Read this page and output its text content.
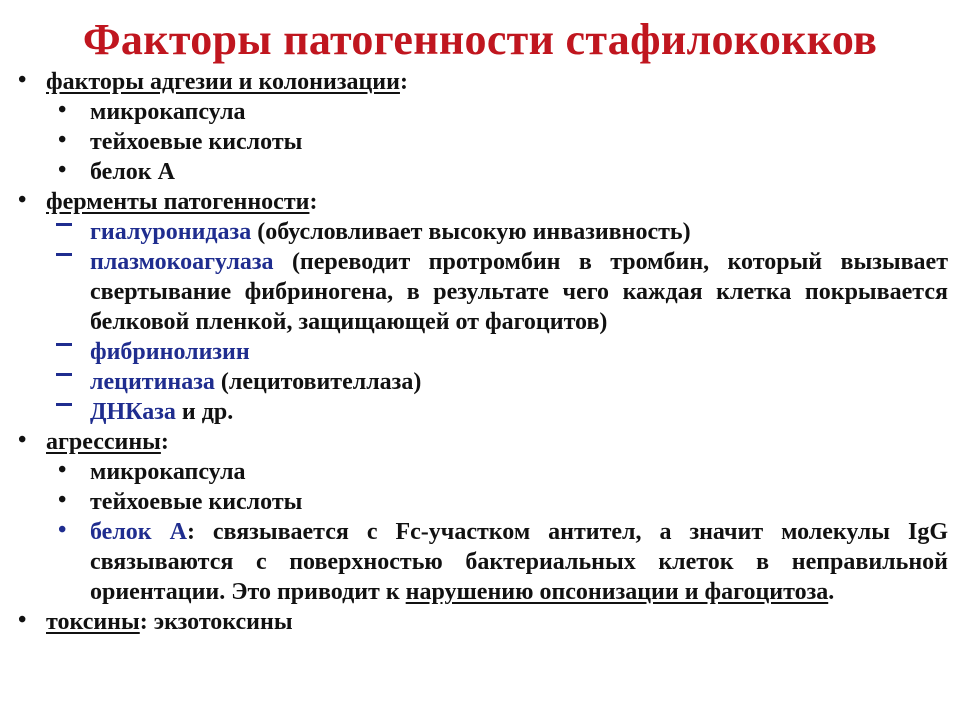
Факторы патогенности стафилококков
• факторы адгезии и колонизации:
• микрокапсула
• тейхоевые кислоты
• белок А
• ферменты патогенности:
гиалуронидаза (обусловливает высокую инвазивность)
плазмокоагулаза (переводит протромбин в тромбин, который вызывает свертывание фибриногена, в результате чего каждая клетка покрывается белковой пленкой, защищающей от фагоцитов)
фибринолизин
лецитиназа (лецитовителлаза)
ДНКаза и др.
• агрессины:
• микрокапсула
• тейхоевые кислоты
• белок А: связывается с Fc-участком антител, а значит молекулы IgG связываются с поверхностью бактериальных клеток в неправильной ориентации. Это приводит к нарушению опсонизации и фагоцитоза.
• токсины: экзотоксины
